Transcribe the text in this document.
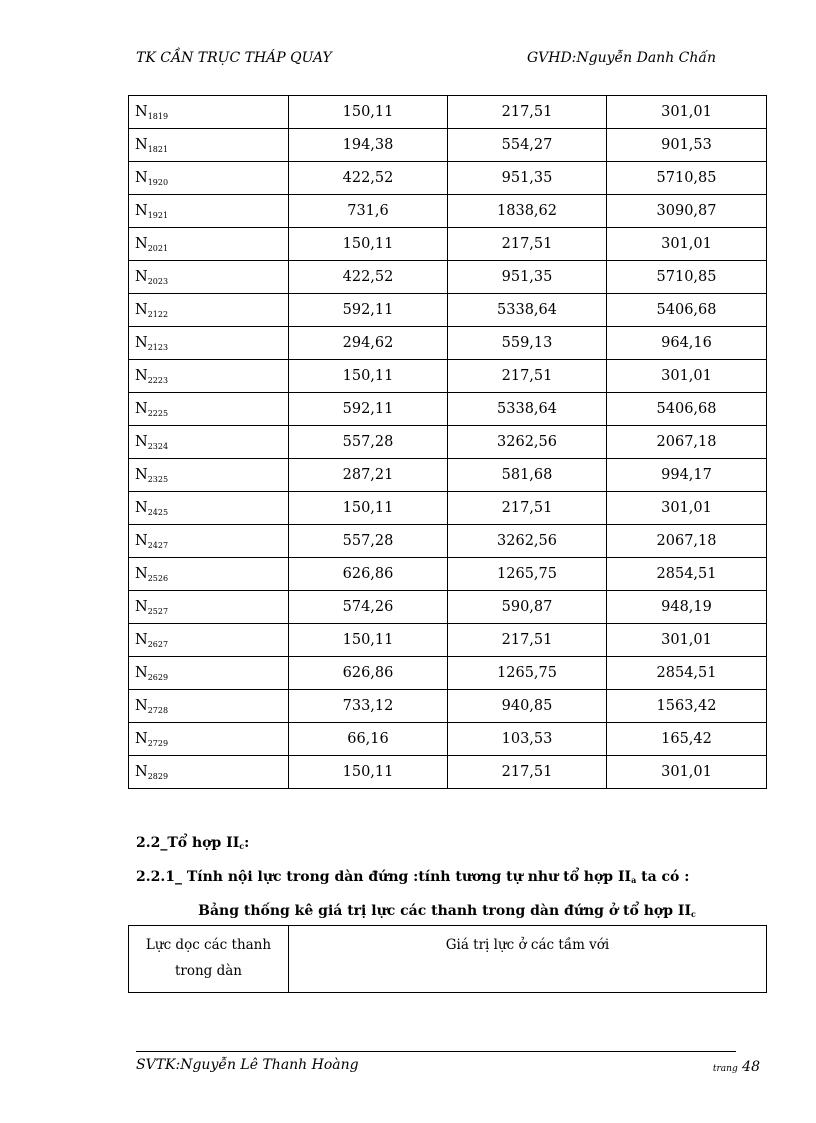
TK CẦN TRỤC THÁP QUAY	GVHD:Nguyễn Danh Chấn
$N_{1819}$	150,11	217,51	301,01
$N_{1821}$	194,38	554,27	901,53
$N_{1920}$	422,52	951,35	5710,85
$N_{1921}$	731,6	1838,62	3090,87
$N_{2021}$	150,11	217,51	301,01
$N_{2023}$	422,52	951,35	5710,85
$N_{2122}$	592,11	5338,64	5406,68
$N_{2123}$	294,62	559,13	964,16
$N_{2223}$	150,11	217,51	301,01
$N_{2225}$	592,11	5338,64	5406,68
$N_{2324}$	557,28	3262,56	2067,18
$N_{2325}$	287,21	581,68	994,17
$N_{2425}$	150,11	217,51	301,01
$N_{2427}$	557,28	3262,56	2067,18
$N_{2526}$	626,86	1265,75	2854,51
$N_{2527}$	574,26	590,87	948,19
$N_{2627}$	150,11	217,51	301,01
$N_{2629}$	626,86	1265,75	2854,51
$N_{2728}$	733,12	940,85	1563,42
$N_{2729}$	66,16	103,53	165,42
$N_{2829}$	150,11	217,51	301,01
2.2_Tổ hợp $II_c$:
2.2.1_ Tính nội lực trong dàn đứng :tính tương tự như tổ hợp $II_a$ ta có :
Bảng thống kê giá trị lực các thanh trong dàn đứng ở tổ hợp $II_c$
Lực dọc các thanh
trong dàn	Giá trị lực ở các tầm với
SVTK:Nguyễn Lê Thanh Hoàng	trang 48
